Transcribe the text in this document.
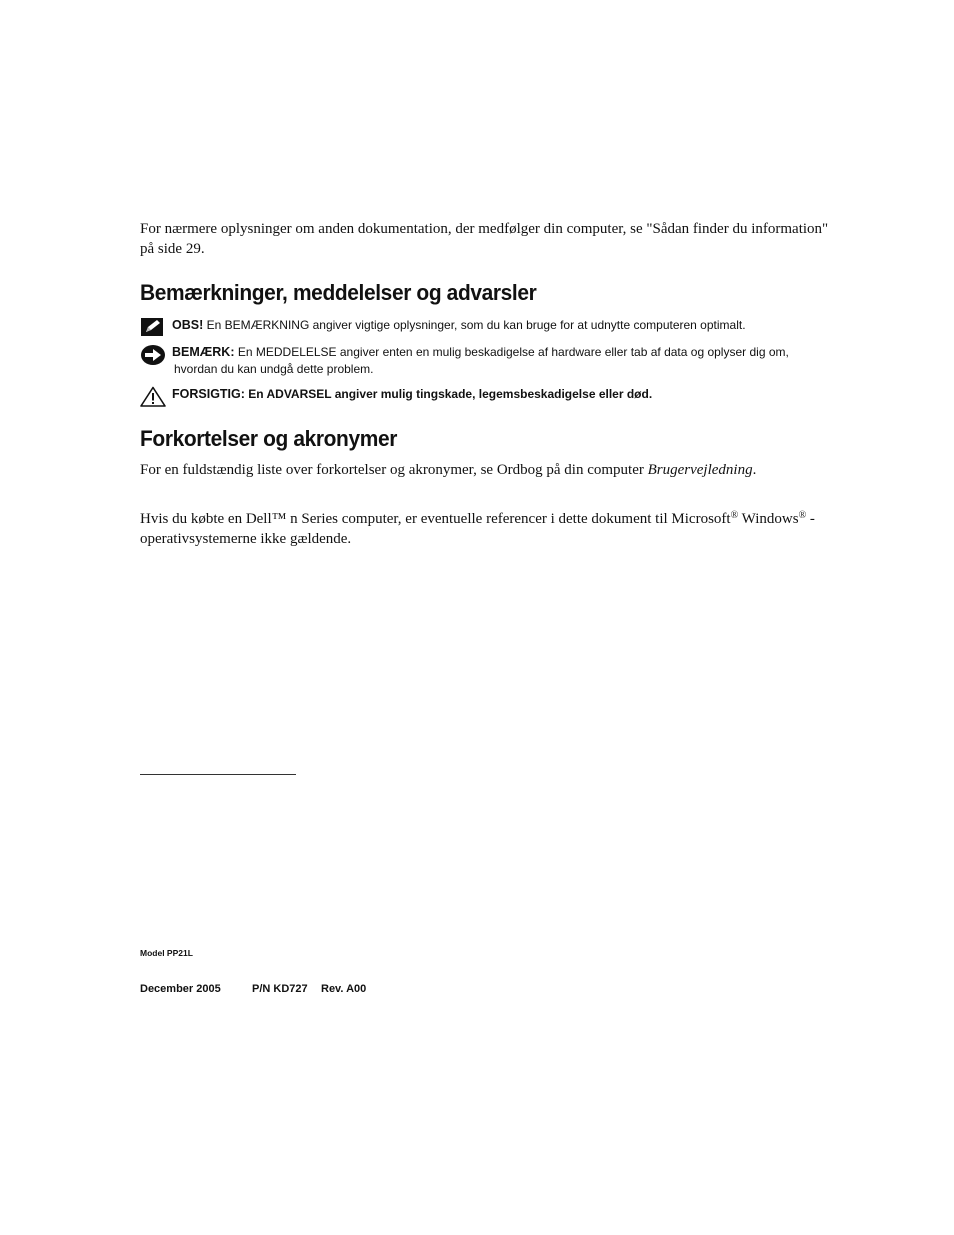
For nærmere oplysninger om anden dokumentation, der medfølger din computer, se "Sådan finder du information" på side 29.
Bemærkninger, meddelelser og advarsler
OBS! En BEMÆRKNING angiver vigtige oplysninger, som du kan bruge for at udnytte computeren optimalt.
BEMÆRK: En MEDDELELSE angiver enten en mulig beskadigelse af hardware eller tab af data og oplyser dig om,
hvordan du kan undgå dette problem.
FORSIGTIG: En ADVARSEL angiver mulig tingskade, legemsbeskadigelse eller død.
Forkortelser og akronymer
For en fuldstændig liste over forkortelser og akronymer, se Ordbog på din computer Brugervejledning.
Hvis du købte en Dell™ n Series computer, er eventuelle referencer i dette dokument til Microsoft® Windows® -operativsystemerne ikke gældende.
Model PP21L
December 2005	P/N KD727 Rev. A00
